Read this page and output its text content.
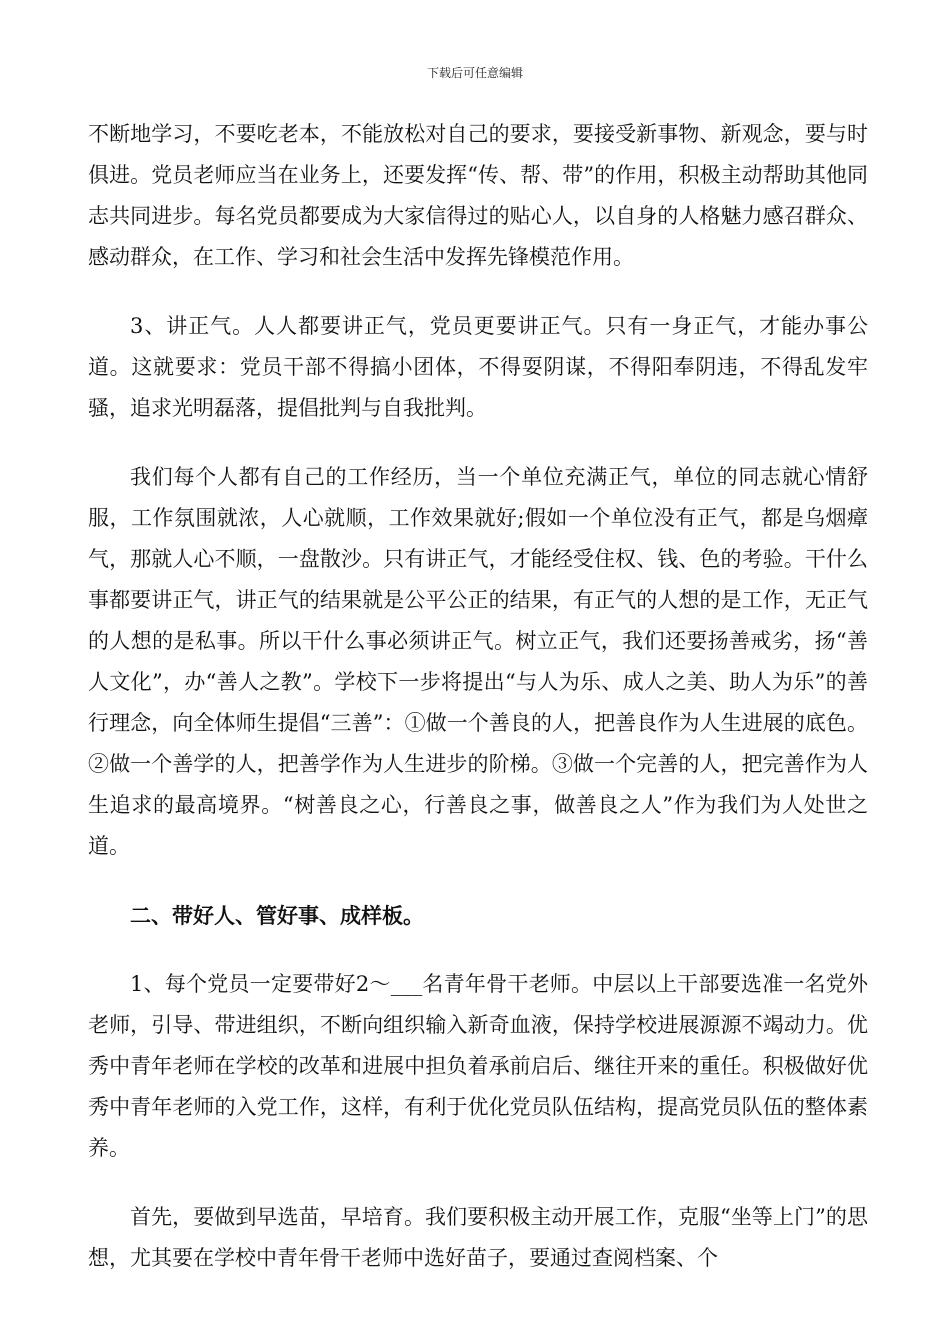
下载后可任意编辑

不断地学习，不要吃老本，不能放松对自己的要求，要接受新事物、新观念，要与时俱进。党员老师应当在业务上，还要发挥“传、帮、带”的作用，积极主动帮助其他同志共同进步。每名党员都要成为大家信得过的贴心人，以自身的人格魅力感召群众、感动群众，在工作、学习和社会生活中发挥先锋模范作用。

3、讲正气。人人都要讲正气，党员更要讲正气。只有一身正气，才能办事公道。这就要求：党员干部不得搞小团体，不得耍阴谋，不得阳奉阴违，不得乱发牢骚，追求光明磊落，提倡批判与自我批判。

我们每个人都有自己的工作经历，当一个单位充满正气，单位的同志就心情舒服，工作氛围就浓，人心就顺，工作效果就好;假如一个单位没有正气，都是乌烟瘴气，那就人心不顺，一盘散沙。只有讲正气，才能经受住权、钱、色的考验。干什么事都要讲正气，讲正气的结果就是公平公正的结果，有正气的人想的是工作，无正气的人想的是私事。所以干什么事必须讲正气。树立正气，我们还要扬善戒劣，扬“善人文化”，办“善人之教”。学校下一步将提出“与人为乐、成人之美、助人为乐”的善行理念，向全体师生提倡“三善”：①做一个善良的人，把善良作为人生进展的底色。②做一个善学的人，把善学作为人生进步的阶梯。③做一个完善的人，把完善作为人生追求的最高境界。“树善良之心，行善良之事，做善良之人”作为我们为人处世之道。

二、带好人、管好事、成样板。

1、每个党员一定要带好2～___名青年骨干老师。中层以上干部要选准一名党外老师，引导、带进组织，不断向组织输入新奇血液，保持学校进展源源不竭动力。优秀中青年老师在学校的改革和进展中担负着承前启后、继往开来的重任。积极做好优秀中青年老师的入党工作，这样，有利于优化党员队伍结构，提高党员队伍的整体素养。

首先，要做到早选苗，早培育。我们要积极主动开展工作，克服“坐等上门”的思想，尤其要在学校中青年骨干老师中选好苗子，要通过查阅档案、个
